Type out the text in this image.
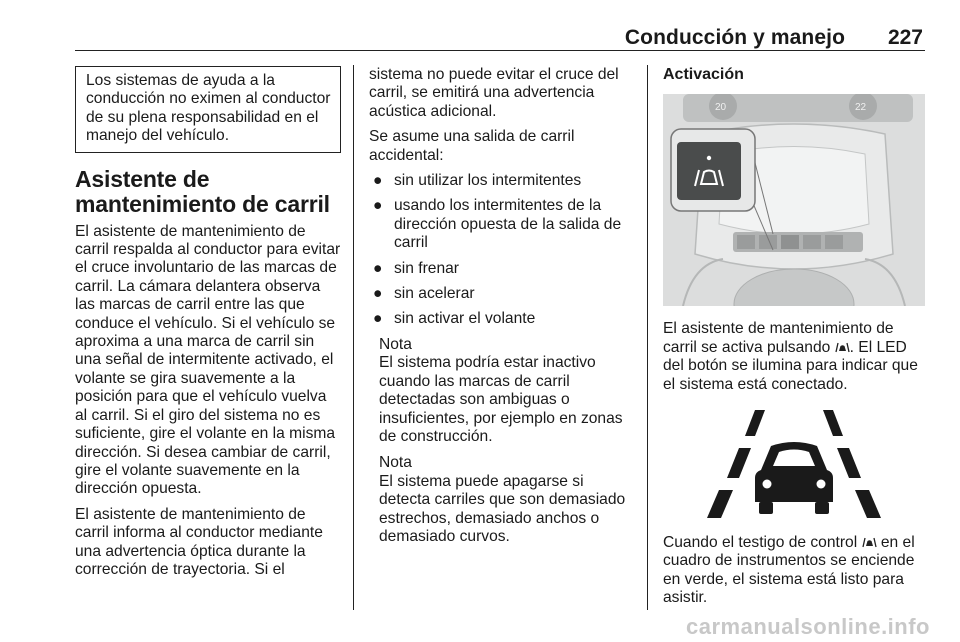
Conducción y manejo 227
Los sistemas de ayuda a la conducción no eximen al conductor de su plena responsabilidad en el manejo del vehículo.
Asistente de mantenimiento de carril

El asistente de mantenimiento de carril respalda al conductor para evitar el cruce involuntario de las marcas de carril. La cámara delantera observa las marcas de carril entre las que conduce el vehículo. Si el vehículo se aproxima a una marca de carril sin una señal de intermitente activado, el volante se gira suavemente a la posición para que el vehículo vuelva al carril. Si el giro del sistema no es suficiente, gire el volante en la misma dirección. Si desea cambiar de carril, gire el volante suavemente en la dirección opuesta.

El asistente de mantenimiento de carril informa al conductor mediante una advertencia óptica durante la corrección de trayectoria. Si el

sistema no puede evitar el cruce del carril, se emitirá una advertencia acústica adicional.

Se asume una salida de carril accidental:

● sin utilizar los intermitentes
● usando los intermitentes de la dirección opuesta de la salida de carril
● sin frenar
● sin acelerar
● sin activar el volante
Nota
El sistema podría estar inactivo cuando las marcas de carril detectadas son ambiguas o insuficientes, por ejemplo en zonas de construcción.
Nota
El sistema puede apagarse si detecta carriles que son demasiado estrechos, demasiado anchos o demasiado curvos.
Activación
20	22

El asistente de mantenimiento de carril se activa pulsando . El LED del botón se ilumina para indicar que el sistema está conectado.

Cuando el testigo de control  en el cuadro de instrumentos se enciende en verde, el sistema está listo para asistir.

carmanualsonline.info
